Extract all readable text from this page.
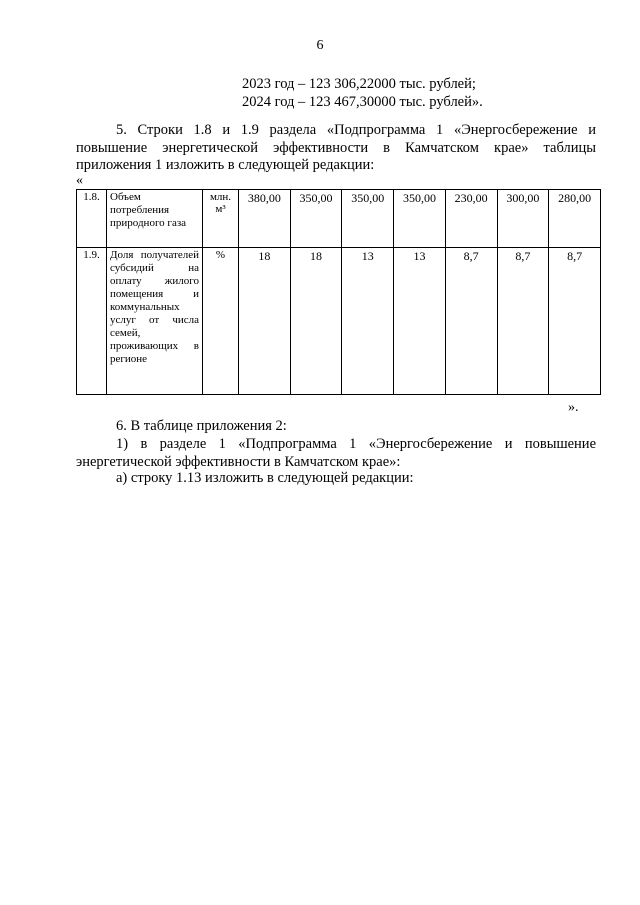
6
2023 год – 123 306,22000 тыс. рублей;
2024 год – 123 467,30000 тыс. рублей».
5. Строки 1.8 и 1.9 раздела «Подпрограмма 1 «Энергосбережение и повышение энергетической эффективности в Камчатском крае» таблицы приложения 1 изложить в следующей редакции:
«
1.8.	Объем потребления природного газа	млн. м³	380,00	350,00	350,00	350,00	230,00	300,00	280,00
1.9.	Доля получателей субсидий на оплату жилого помещения и коммунальных услуг от числа семей, проживающих в регионе	%	18	18	13	13	8,7	8,7	8,7
».
6. В таблице приложения 2:
1) в разделе 1 «Подпрограмма 1 «Энергосбережение и повышение энергетической эффективности в Камчатском крае»:
а) строку 1.13 изложить в следующей редакции:
